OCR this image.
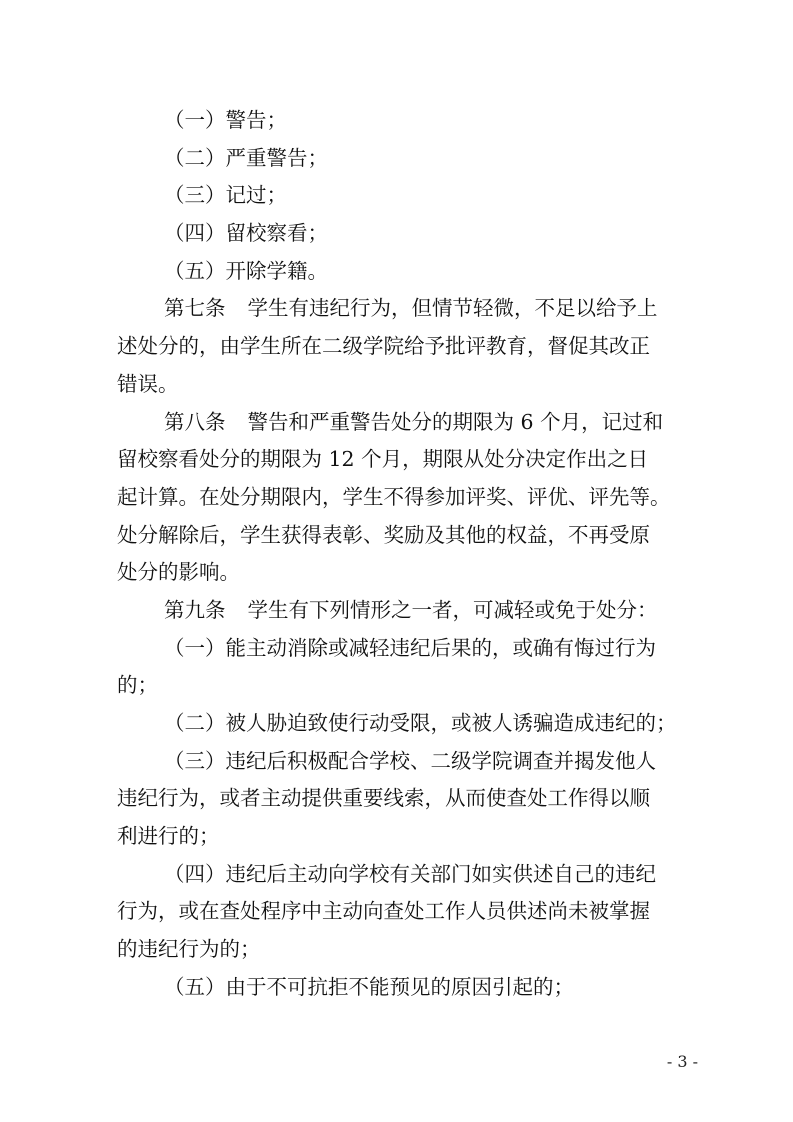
（一）警告；
（二）严重警告；
（三）记过；
（四）留校察看；
（五）开除学籍。
第七条 学生有违纪行为，但情节轻微，不足以给予上
述处分的，由学生所在二级学院给予批评教育，督促其改正
错误。
第八条 警告和严重警告处分的期限为 6 个月，记过和
留校察看处分的期限为 12 个月，期限从处分决定作出之日
起计算。在处分期限内，学生不得参加评奖、评优、评先等。
处分解除后，学生获得表彰、奖励及其他的权益，不再受原
处分的影响。
第九条 学生有下列情形之一者，可减轻或免于处分：
（一）能主动消除或减轻违纪后果的，或确有悔过行为
的；
（二）被人胁迫致使行动受限，或被人诱骗造成违纪的；
（三）违纪后积极配合学校、二级学院调查并揭发他人
违纪行为，或者主动提供重要线索，从而使查处工作得以顺
利进行的；
（四）违纪后主动向学校有关部门如实供述自己的违纪
行为，或在查处程序中主动向查处工作人员供述尚未被掌握
的违纪行为的；
（五）由于不可抗拒不能预见的原因引起的；
- 3 -
